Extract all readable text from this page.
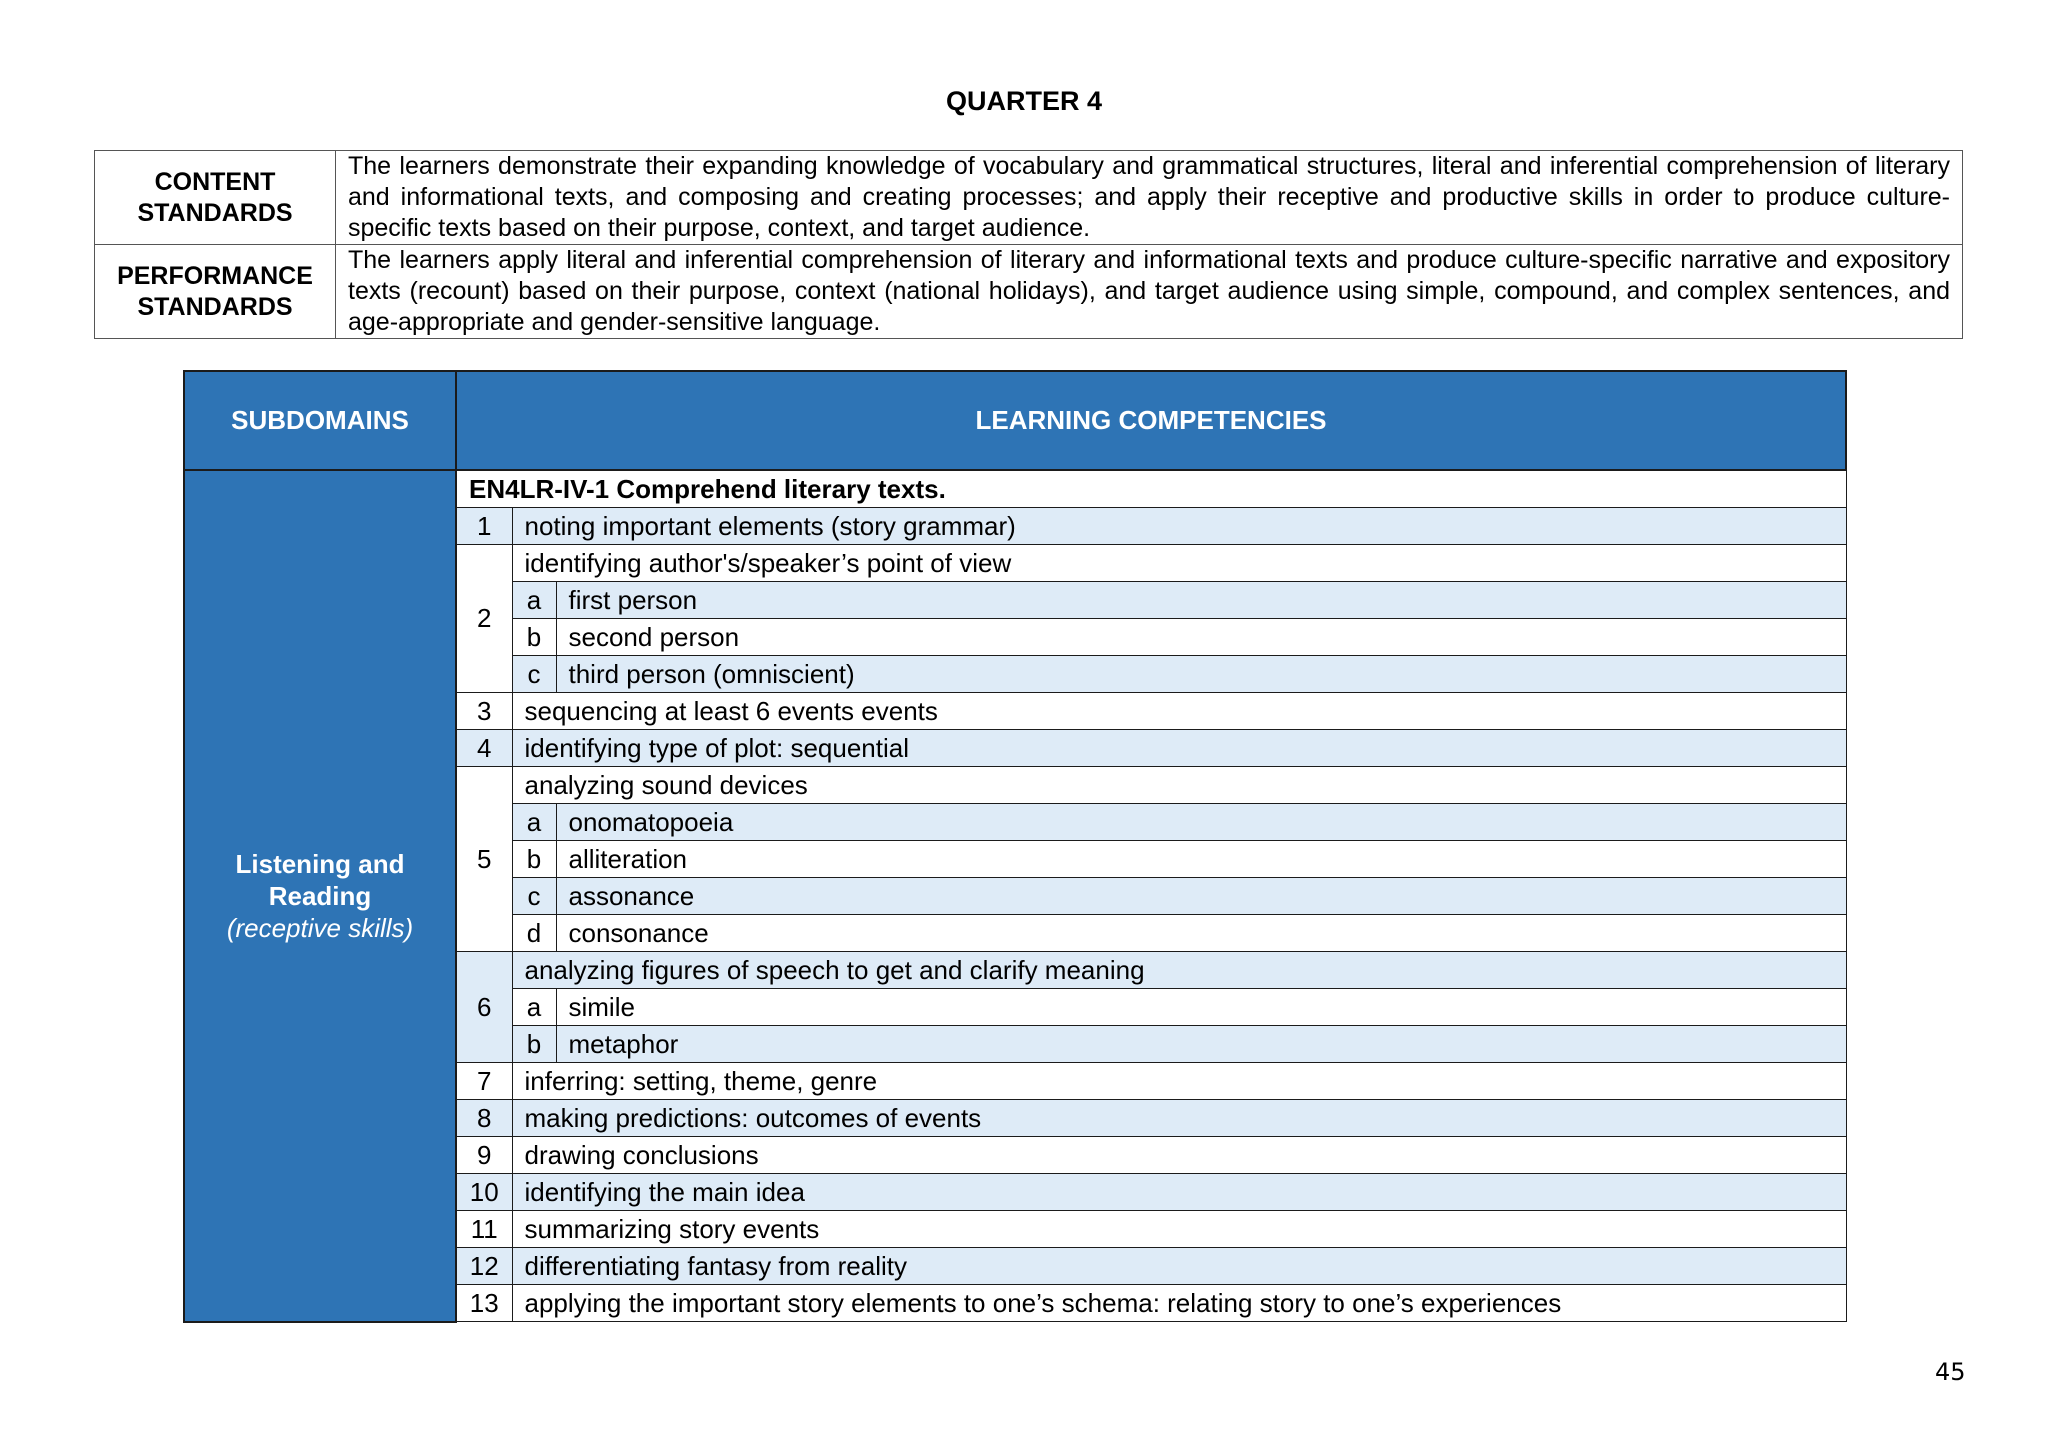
QUARTER 4
CONTENT STANDARDS	The learners demonstrate their expanding knowledge of vocabulary and grammatical structures, literal and inferential comprehension of literary and informational texts, and composing and creating processes; and apply their receptive and productive skills in order to produce culture-specific texts based on their purpose, context, and target audience.
PERFORMANCE STANDARDS	The learners apply literal and inferential comprehension of literary and informational texts and produce culture-specific narrative and expository texts (recount) based on their purpose, context (national holidays), and target audience using simple, compound, and complex sentences, and age-appropriate and gender-sensitive language.
SUBDOMAINS	LEARNING COMPETENCIES		

Listening and Reading
(receptive skills)	EN4LR-IV-1 Comprehend literary texts.		
	1	noting important elements (story grammar)	
	2	identifying author's/speaker’s point of view	
		a	first person
		b	second person
		c	third person (omniscient)
	3	sequencing at least 6 events events	
	4	identifying type of plot: sequential	
	5	analyzing sound devices	
		a	onomatopoeia
		b	alliteration
		c	assonance
		d	consonance
	6	analyzing figures of speech to get and clarify meaning	
		a	simile
		b	metaphor
	7	inferring: setting, theme, genre	
	8	making predictions: outcomes of events	
	9	drawing conclusions	
	10	identifying the main idea	
	11	summarizing story events	
	12	differentiating fantasy from reality	
	13	applying the important story elements to one’s schema: relating story to one’s experiences	
45
